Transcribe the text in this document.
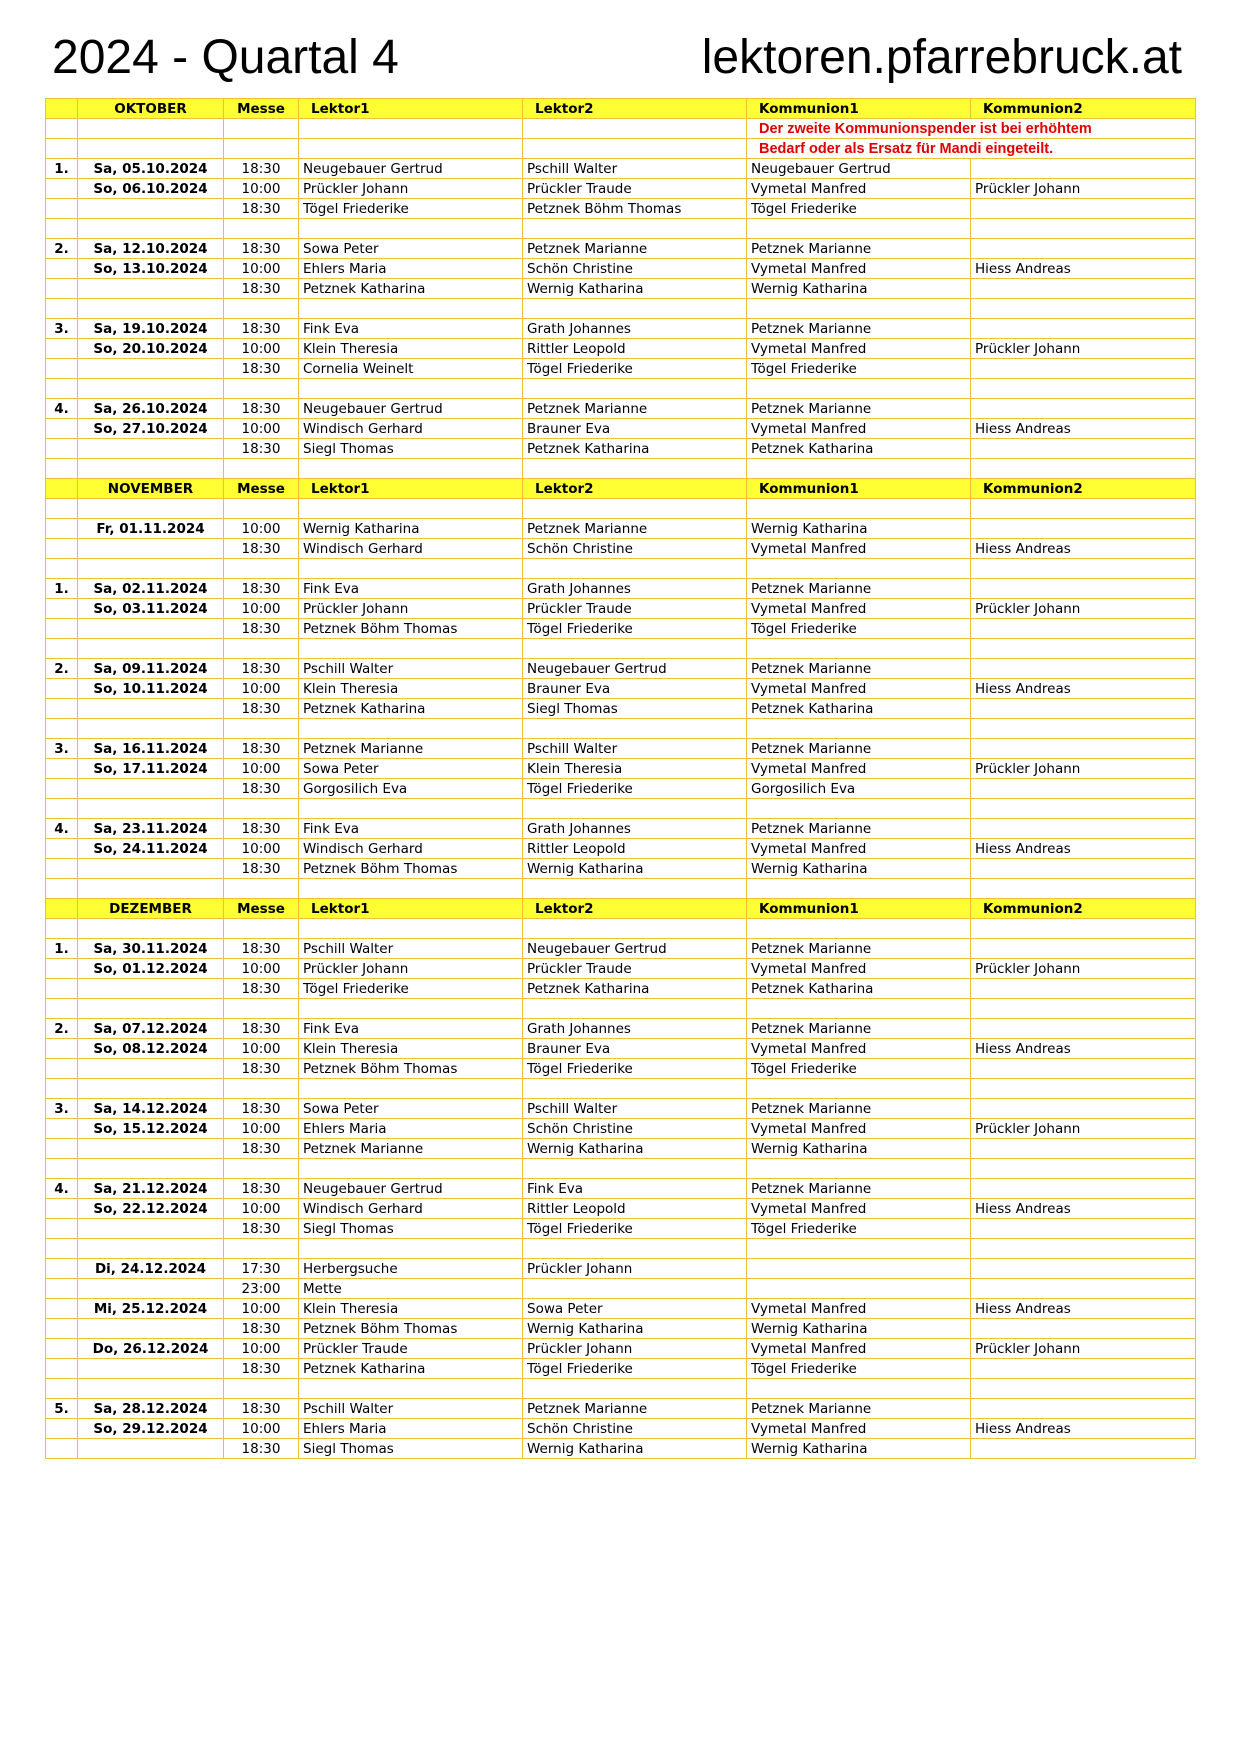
2024 - Quartal 4	lektoren.pfarrebruck.at
	OKTOBER	Messe	Lektor1	Lektor2	Kommunion1	Kommunion2
					Der zweite Kommunionspender ist bei erhöhtem	
					Bedarf oder als Ersatz für Mandi eingeteilt.	
1.	Sa, 05.10.2024	18:30	Neugebauer Gertrud	Pschill Walter	Neugebauer Gertrud	
	So, 06.10.2024	10:00	Prückler Johann	Prückler Traude	Vymetal Manfred	Prückler Johann
		18:30	Tögel Friederike	Petznek Böhm Thomas	Tögel Friederike	

2.	Sa, 12.10.2024	18:30	Sowa Peter	Petznek Marianne	Petznek Marianne	
	So, 13.10.2024	10:00	Ehlers Maria	Schön Christine	Vymetal Manfred	Hiess Andreas
		18:30	Petznek Katharina	Wernig Katharina	Wernig Katharina	

3.	Sa, 19.10.2024	18:30	Fink Eva	Grath Johannes	Petznek Marianne	
	So, 20.10.2024	10:00	Klein Theresia	Rittler Leopold	Vymetal Manfred	Prückler Johann
		18:30	Cornelia Weinelt	Tögel Friederike	Tögel Friederike	

4.	Sa, 26.10.2024	18:30	Neugebauer Gertrud	Petznek Marianne	Petznek Marianne	
	So, 27.10.2024	10:00	Windisch Gerhard	Brauner Eva	Vymetal Manfred	Hiess Andreas
		18:30	Siegl Thomas	Petznek Katharina	Petznek Katharina	

	NOVEMBER	Messe	Lektor1	Lektor2	Kommunion1	Kommunion2

	Fr, 01.11.2024	10:00	Wernig Katharina	Petznek Marianne	Wernig Katharina	
		18:30	Windisch Gerhard	Schön Christine	Vymetal Manfred	Hiess Andreas

1.	Sa, 02.11.2024	18:30	Fink Eva	Grath Johannes	Petznek Marianne	
	So, 03.11.2024	10:00	Prückler Johann	Prückler Traude	Vymetal Manfred	Prückler Johann
		18:30	Petznek Böhm Thomas	Tögel Friederike	Tögel Friederike	

2.	Sa, 09.11.2024	18:30	Pschill Walter	Neugebauer Gertrud	Petznek Marianne	
	So, 10.11.2024	10:00	Klein Theresia	Brauner Eva	Vymetal Manfred	Hiess Andreas
		18:30	Petznek Katharina	Siegl Thomas	Petznek Katharina	

3.	Sa, 16.11.2024	18:30	Petznek Marianne	Pschill Walter	Petznek Marianne	
	So, 17.11.2024	10:00	Sowa Peter	Klein Theresia	Vymetal Manfred	Prückler Johann
		18:30	Gorgosilich Eva	Tögel Friederike	Gorgosilich Eva	

4.	Sa, 23.11.2024	18:30	Fink Eva	Grath Johannes	Petznek Marianne	
	So, 24.11.2024	10:00	Windisch Gerhard	Rittler Leopold	Vymetal Manfred	Hiess Andreas
		18:30	Petznek Böhm Thomas	Wernig Katharina	Wernig Katharina	

	DEZEMBER	Messe	Lektor1	Lektor2	Kommunion1	Kommunion2

1.	Sa, 30.11.2024	18:30	Pschill Walter	Neugebauer Gertrud	Petznek Marianne	
	So, 01.12.2024	10:00	Prückler Johann	Prückler Traude	Vymetal Manfred	Prückler Johann
		18:30	Tögel Friederike	Petznek Katharina	Petznek Katharina	

2.	Sa, 07.12.2024	18:30	Fink Eva	Grath Johannes	Petznek Marianne	
	So, 08.12.2024	10:00	Klein Theresia	Brauner Eva	Vymetal Manfred	Hiess Andreas
		18:30	Petznek Böhm Thomas	Tögel Friederike	Tögel Friederike	

3.	Sa, 14.12.2024	18:30	Sowa Peter	Pschill Walter	Petznek Marianne	
	So, 15.12.2024	10:00	Ehlers Maria	Schön Christine	Vymetal Manfred	Prückler Johann
		18:30	Petznek Marianne	Wernig Katharina	Wernig Katharina	

4.	Sa, 21.12.2024	18:30	Neugebauer Gertrud	Fink Eva	Petznek Marianne	
	So, 22.12.2024	10:00	Windisch Gerhard	Rittler Leopold	Vymetal Manfred	Hiess Andreas
		18:30	Siegl Thomas	Tögel Friederike	Tögel Friederike	

	Di, 24.12.2024	17:30	Herbergsuche	Prückler Johann		
		23:00	Mette			
	Mi, 25.12.2024	10:00	Klein Theresia	Sowa Peter	Vymetal Manfred	Hiess Andreas
		18:30	Petznek Böhm Thomas	Wernig Katharina	Wernig Katharina	
	Do, 26.12.2024	10:00	Prückler Traude	Prückler Johann	Vymetal Manfred	Prückler Johann
		18:30	Petznek Katharina	Tögel Friederike	Tögel Friederike	

5.	Sa, 28.12.2024	18:30	Pschill Walter	Petznek Marianne	Petznek Marianne	
	So, 29.12.2024	10:00	Ehlers Maria	Schön Christine	Vymetal Manfred	Hiess Andreas
		18:30	Siegl Thomas	Wernig Katharina	Wernig Katharina	
